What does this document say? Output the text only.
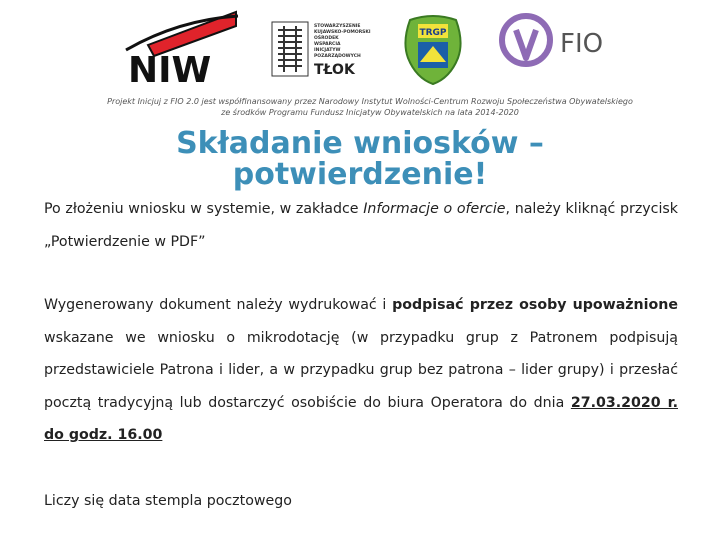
NIW
STOWARZYSZENIE
KUJAWSKO-POMORSKI
OŚRODEK
WSPARCIA
INICJATYW
POZARZĄDOWYCH
TŁOK
TRGP	FIO
Projekt Inicjuj z FIO 2.0 jest współfinansowany przez Narodowy Instytut Wolności-Centrum Rozwoju Społeczeństwa Obywatelskiego
ze środków Programu Fundusz Inicjatyw Obywatelskich na lata 2014-2020
Składanie wniosków –
potwierdzenie!
Po złożeniu wniosku w systemie, w zakładce Informacje o ofercie, należy kliknąć przycisk „Potwierdzenie w PDF”
Wygenerowany dokument należy wydrukować i podpisać przez osoby upoważnione wskazane we wniosku o mikrodotację (w przypadku grup z Patronem podpisują przedstawiciele Patrona i lider, a w przypadku grup bez patrona – lider grupy) i przesłać pocztą tradycyjną lub dostarczyć osobiście do biura Operatora do dnia 27.03.2020 r. do godz. 16.00
Liczy się data stempla pocztowego
